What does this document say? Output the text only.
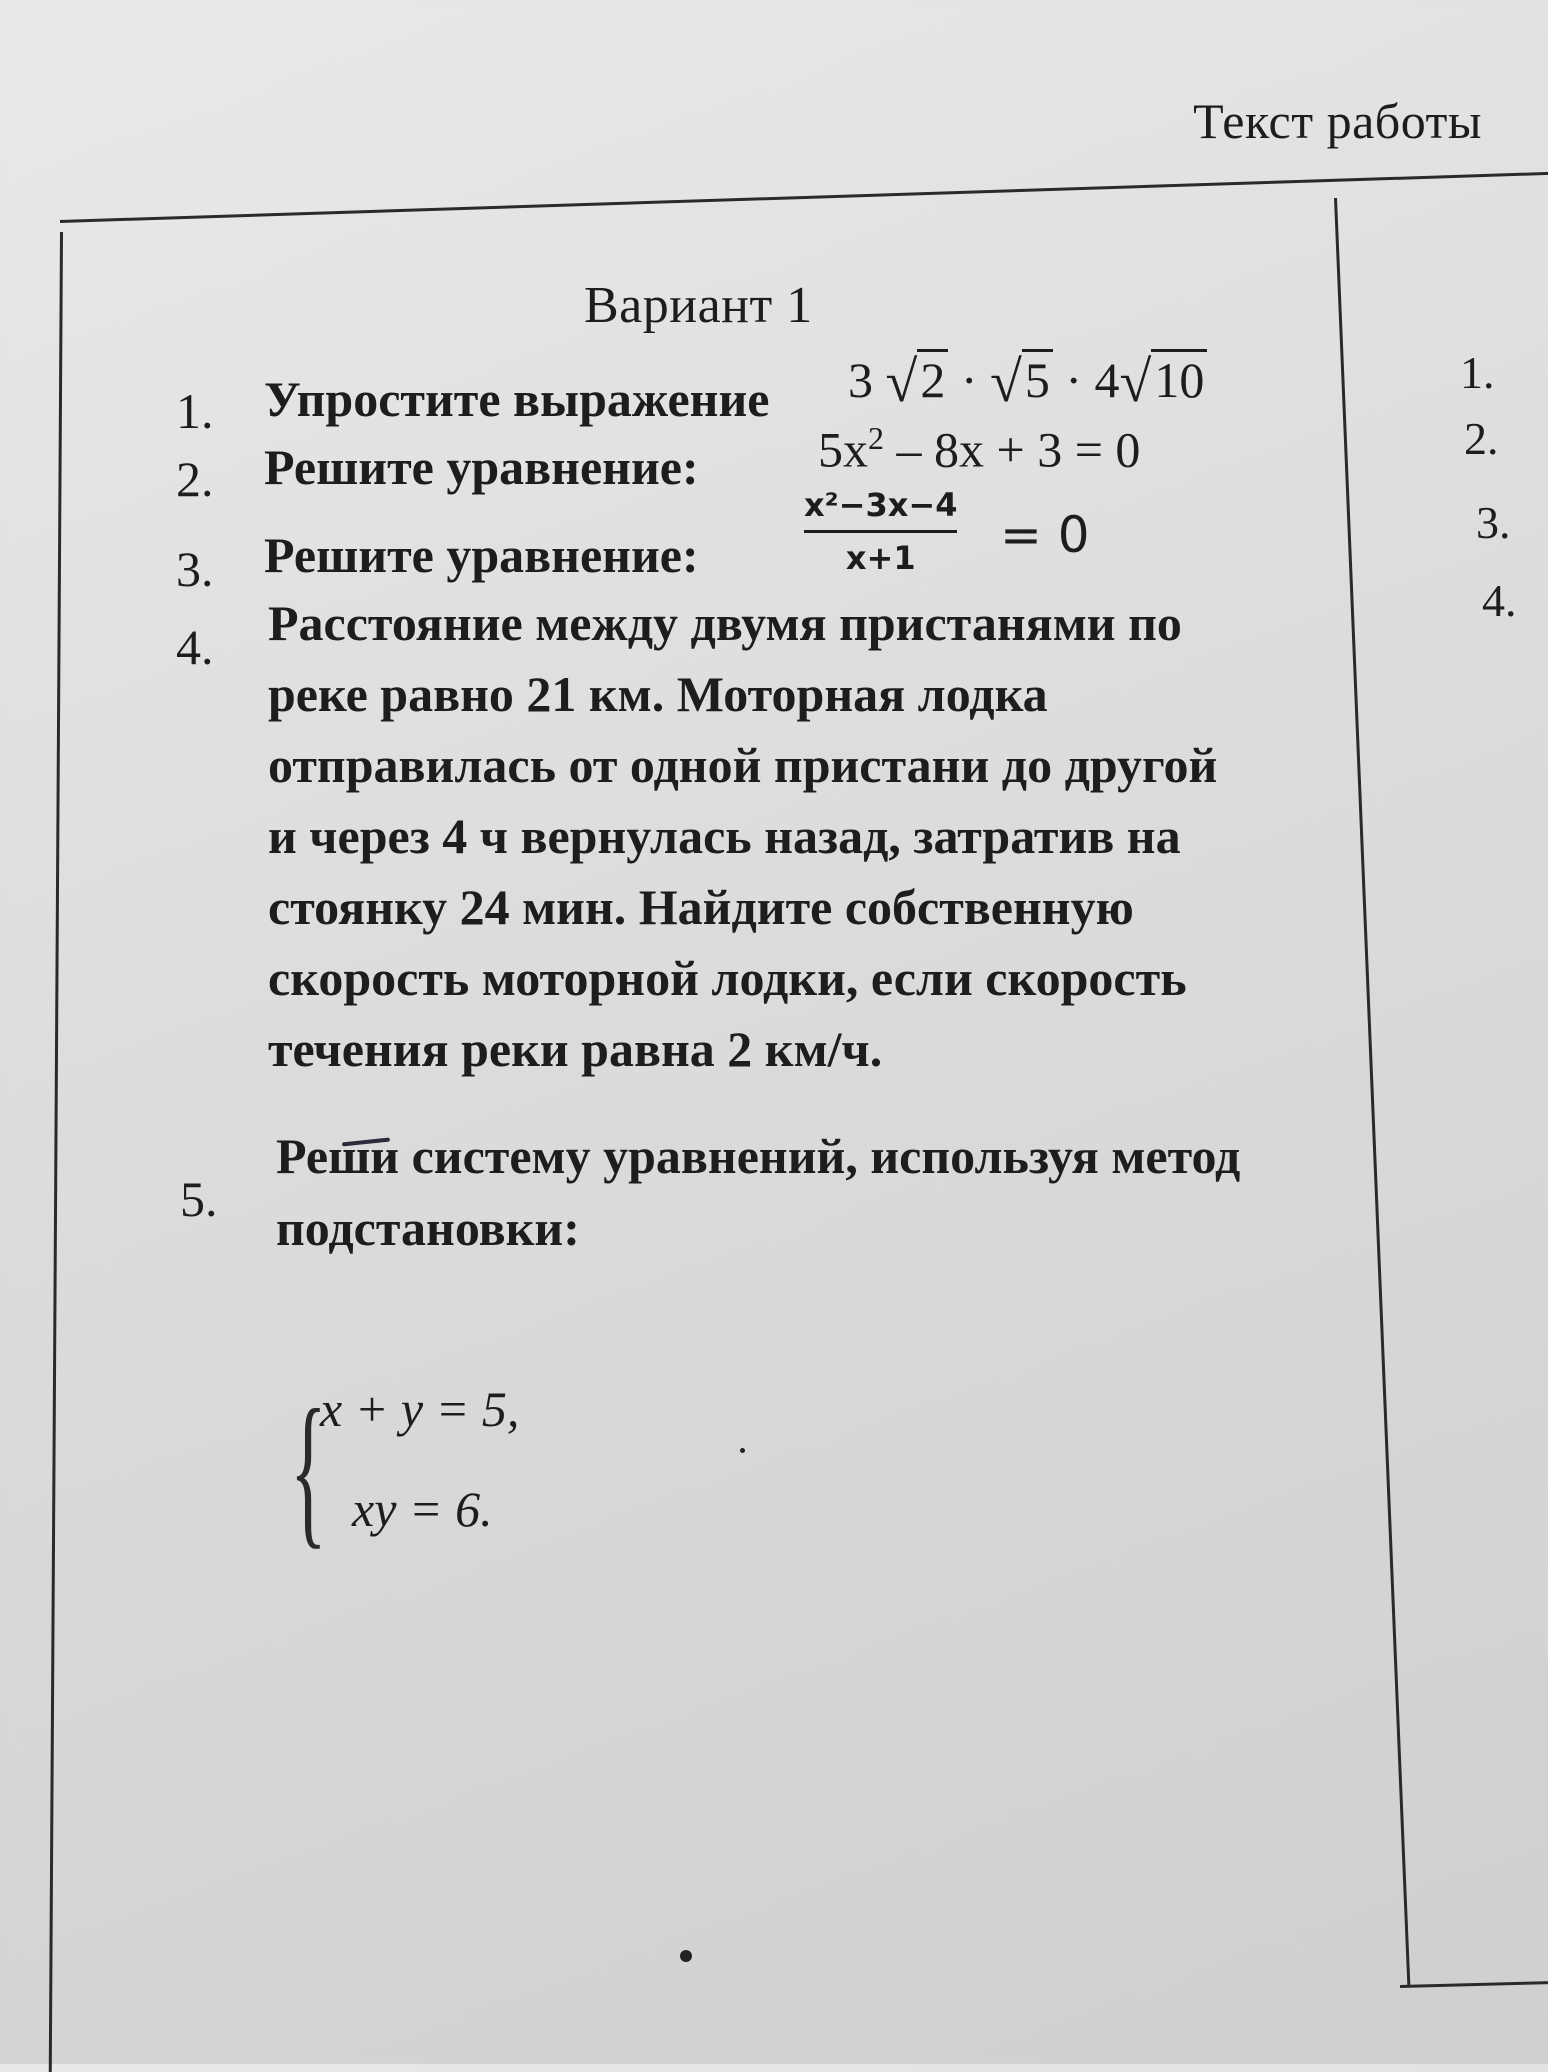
Текст работы
Вариант 1
1. Упростите выражение 3 √2 · √5 · 4√10
2. Решите уравнение: $5x^2 - 8x + 3 = 0$
3. Решите уравнение:
x²−3x−4
x+1	= 0
4. Расстояние между двумя пристанями по
реке равно 21 км. Моторная лодка
отправилась от одной пристани до другой
и через 4 ч вернулась назад, затратив на
стоянку 24 мин. Найдите собственную
скорость моторной лодки, если скорость
течения реки равна 2 км/ч.
5.
Реши систему уравнений, используя метод
подстановки:
{
x + y = 5,
xy = 6.
1.
2.
3.
4.
